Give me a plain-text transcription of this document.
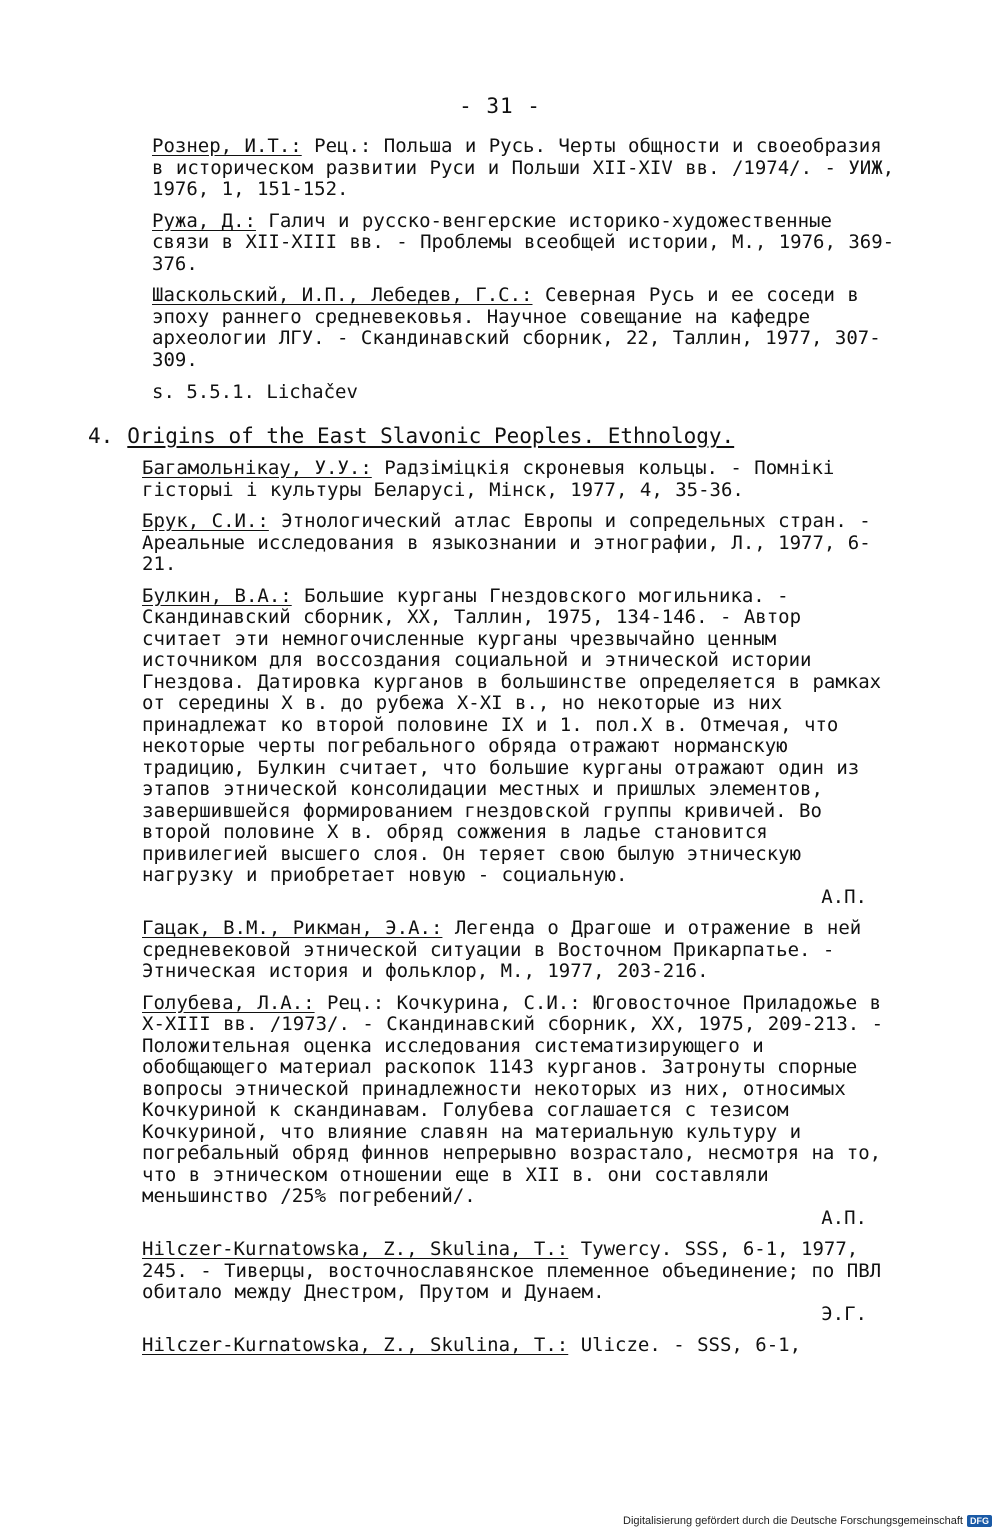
- 31 -

Рознер, И.Т.: Рец.: Польша и Русь. Черты общности и своеобразия в историческом развитии Руси и Польши XII-XIV вв. /1974/. - УИЖ, 1976, 1, 151-152.

Ружа, Д.: Галич и русско-венгерские историко-художественные связи в XII-XIII вв. - Проблемы всеобщей истории, М., 1976, 369-376.

Шаскольский, И.П., Лебедев, Г.С.: Северная Русь и ее соседи в эпоху раннего средневековья. Научное совещание на кафедре археологии ЛГУ. - Скандинавский сборник, 22, Таллин, 1977, 307-309.

s. 5.5.1. Lichačev
4. Origins of the East Slavonic Peoples. Ethnology.

Багамольнікау, У.У.: Радзіміцкія скроневыя кольцы. - Помнікі гісторыі і культуры Беларусі, Мінск, 1977, 4, 35-36.

Брук, С.И.: Этнологический атлас Европы и сопредельных стран. - Ареальные исследования в языкознании и этнографии, Л., 1977, 6-21.

Булкин, В.А.: Большие курганы Гнездовского могильника. - Скандинавский сборник, XX, Таллин, 1975, 134-146. - Автор считает эти немногочисленные курганы чрезвычайно ценным источником для воссоздания социальной и этнической истории Гнездова. Датировка курганов в большинстве определяется в рамках от середины X в. до рубежа X-XI в., но некоторые из них принадлежат ко второй половине IX и 1. пол.X в. Отмечая, что некоторые черты погребального обряда отражают норманскую традицию, Булкин считает, что большие курганы отражают один из этапов этнической консолидации местных и пришлых элементов, завершившейся формированием гнездовской группы кривичей. Во второй половине X в. обряд сожжения в ладье становится привилегией высшего слоя. Он теряет свою былую этническую нагрузку и приобретает новую - социальную.
А.П.

Гацак, В.М., Рикман, Э.А.: Легенда о Драгоше и отражение в ней средневековой этнической ситуации в Восточном Прикарпатье. - Этническая история и фольклор, М., 1977, 203-216.

Голубева, Л.А.: Рец.: Кочкурина, С.И.: Юговосточное Приладожье в X-XIII вв. /1973/. - Скандинавский сборник, XX, 1975, 209-213. - Положительная оценка исследования систематизирующего и обобщающего материал раскопок 1143 курганов. Затронуты спорные вопросы этнической принадлежности некоторых из них, относимых Кочкуриной к скандинавам. Голубева соглашается с тезисом Кочкуриной, что влияние славян на материальную культуру и погребальный обряд финнов непрерывно возрастало, несмотря на то, что в этническом отношении еще в XII в. они составляли меньшинство /25% погребений/.
А.П.

Hilczer-Kurnatowska, Z., Skulina, T.: Tywercy. SSS, 6-1, 1977, 245. - Тиверцы, восточнославянское племенное объединение; по ПВЛ обитало между Днестром, Прутом и Дунаем.
Э.Г.

Hilczer-Kurnatowska, Z., Skulina, T.: Ulicze. - SSS, 6-1,

Digitalisierung gefördert durch die Deutsche Forschungsgemeinschaft DFG
